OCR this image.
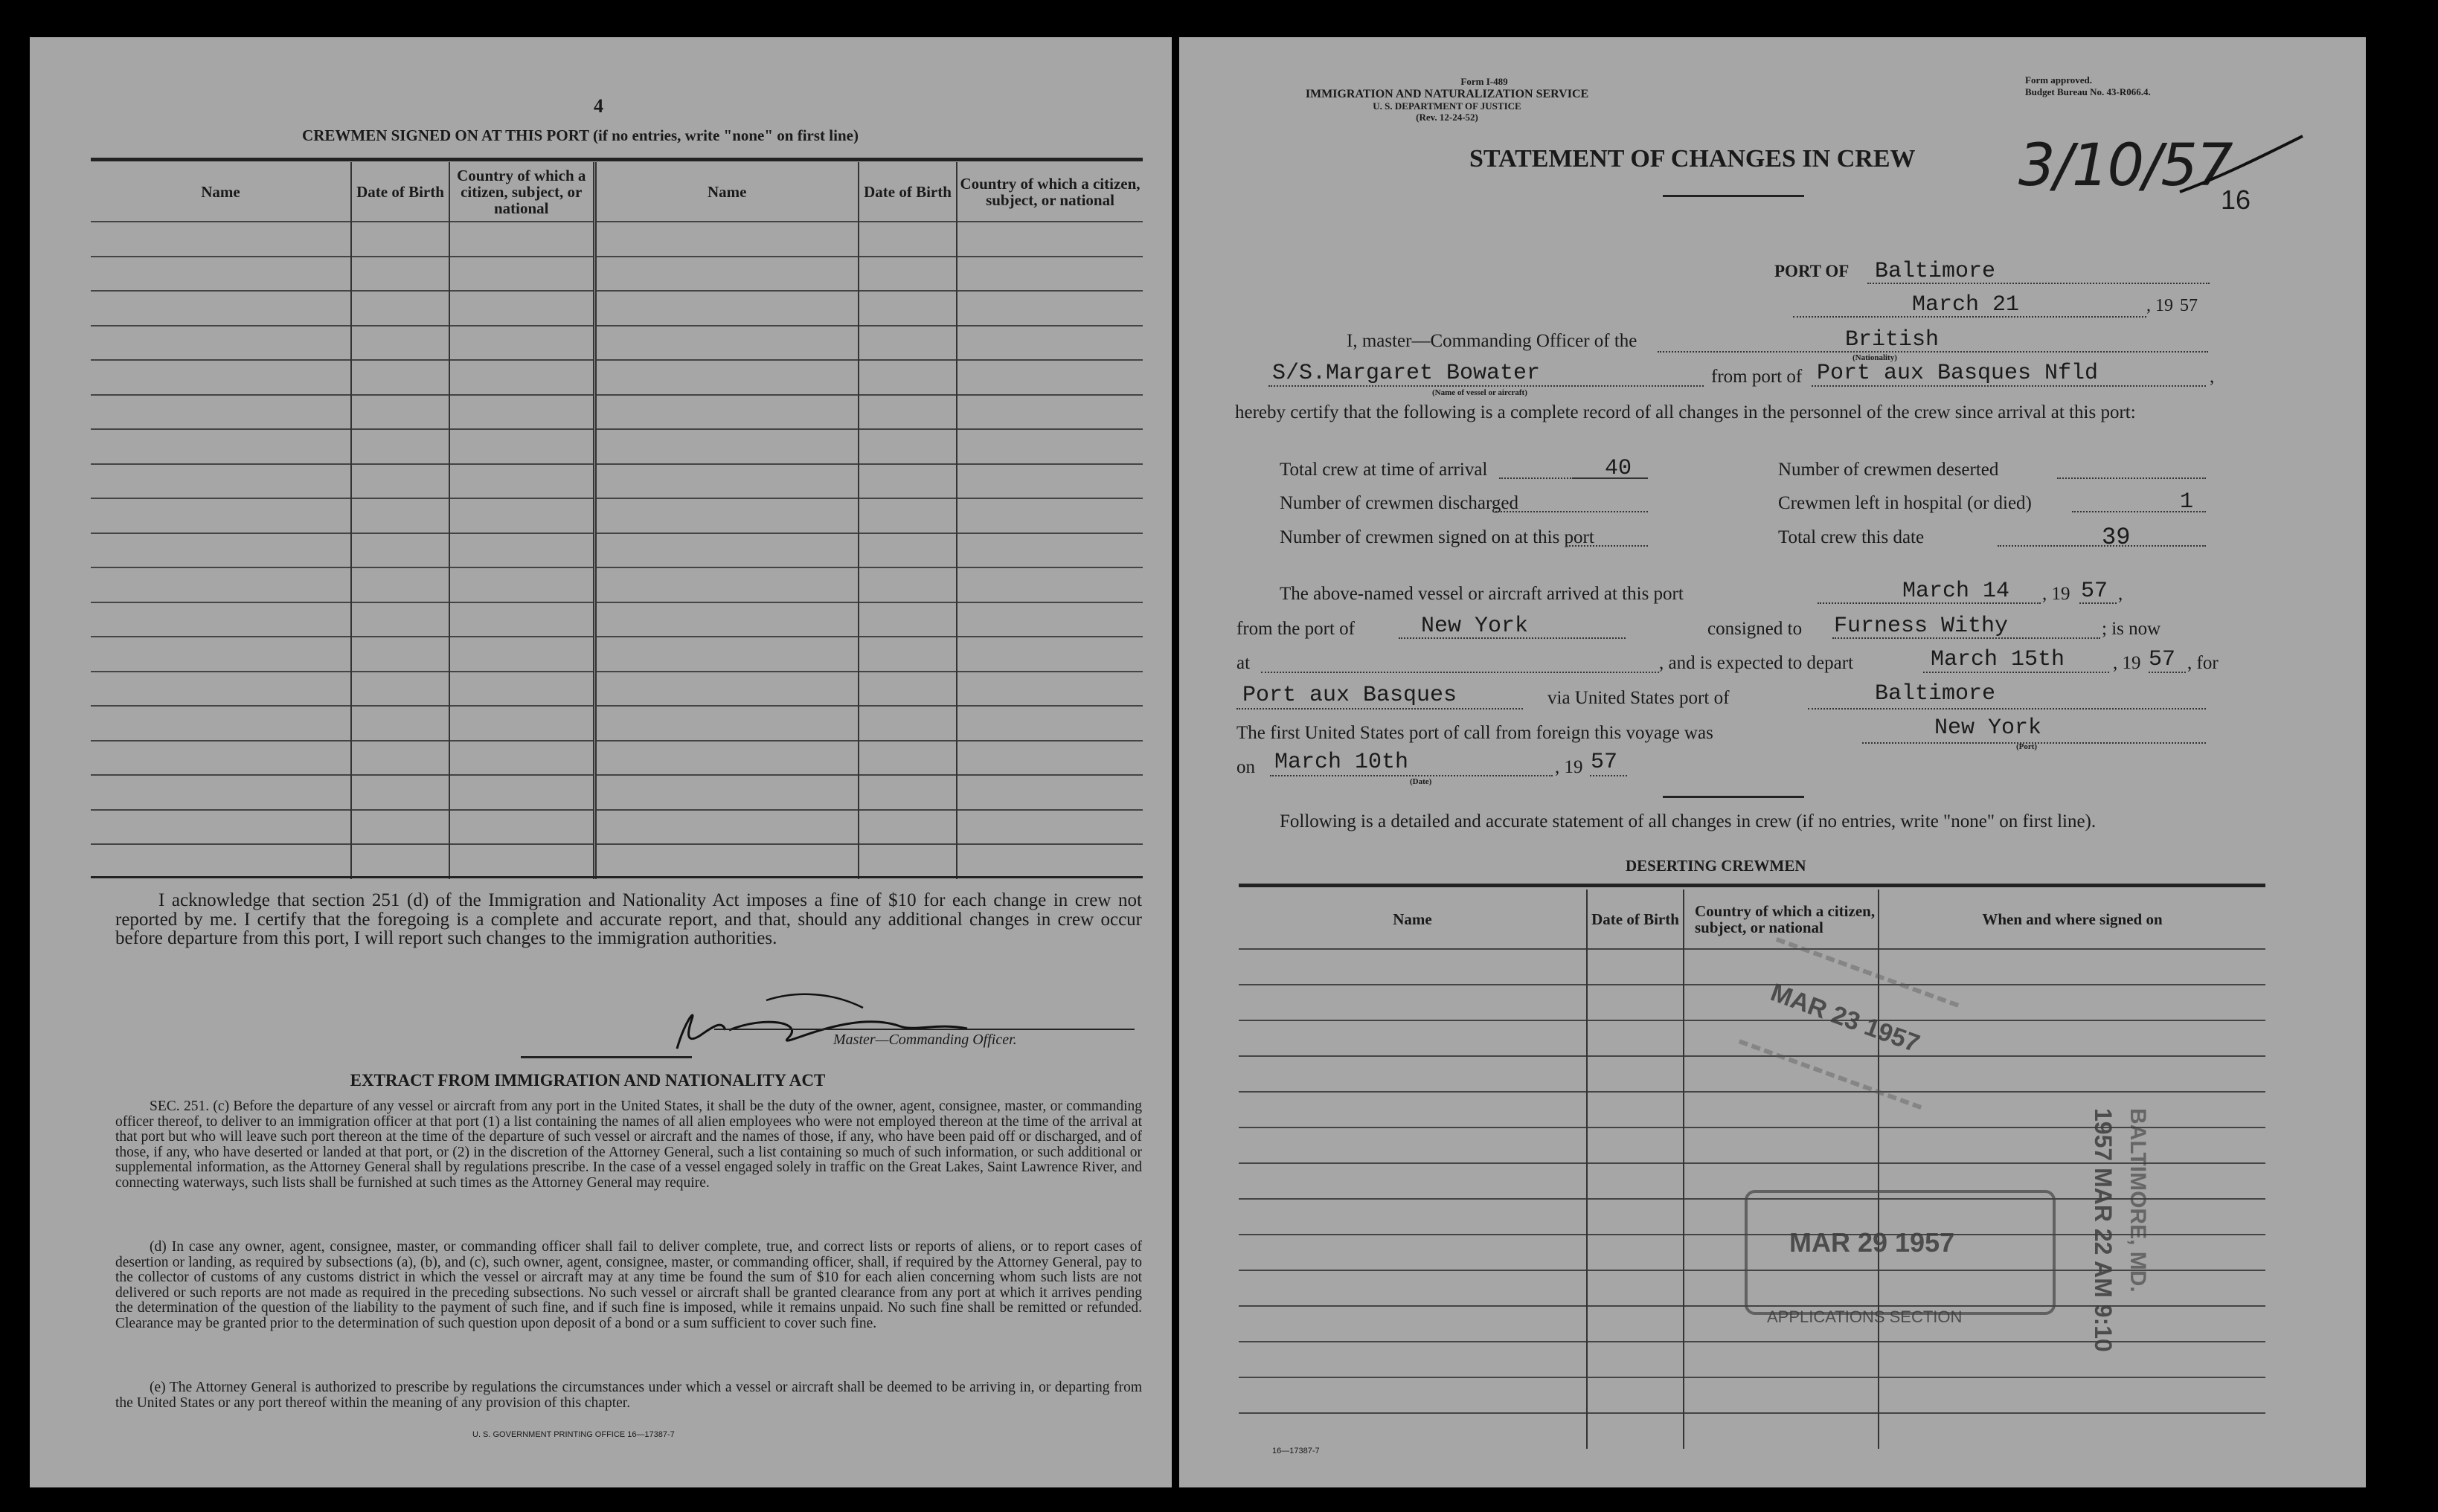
4
CREWMEN SIGNED ON AT THIS PORT (if no entries, write "none" on first line)
Name	Date of Birth	Country of which a citizen, subject, or national	Name	Date of Birth	Country of which a citizen, subject, or national

I acknowledge that section 251 (d) of the Immigration and Nationality Act imposes a fine of $10 for each change in crew not reported by me. I certify that the foregoing is a complete and accurate report, and that, should any additional changes in crew occur before departure from this port, I will report such changes to the immigration authorities.
Master—Commanding Officer.
EXTRACT FROM IMMIGRATION AND NATIONALITY ACT
SEC. 251. (c) Before the departure of any vessel or aircraft from any port in the United States, it shall be the duty of the owner, agent, consignee, master, or commanding officer thereof, to deliver to an immigration officer at that port (1) a list containing the names of all alien employees who were not employed thereon at the time of the arrival at that port but who will leave such port thereon at the time of the departure of such vessel or aircraft and the names of those, if any, who have been paid off or discharged, and of those, if any, who have deserted or landed at that port, or (2) in the discretion of the Attorney General, such a list containing so much of such information, or such additional or supplemental information, as the Attorney General shall by regulations prescribe. In the case of a vessel engaged solely in traffic on the Great Lakes, Saint Lawrence River, and connecting waterways, such lists shall be furnished at such times as the Attorney General may require.
(d) In case any owner, agent, consignee, master, or commanding officer shall fail to deliver complete, true, and correct lists or reports of aliens, or to report cases of desertion or landing, as required by subsections (a), (b), and (c), such owner, agent, consignee, master, or commanding officer, shall, if required by the Attorney General, pay to the collector of customs of any customs district in which the vessel or aircraft may at any time be found the sum of $10 for each alien concerning whom such lists are not delivered or such reports are not made as required in the preceding subsections. No such vessel or aircraft shall be granted clearance from any port at which it arrives pending the determination of the question of the liability to the payment of such fine, and if such fine is imposed, while it remains unpaid. No such fine shall be remitted or refunded. Clearance may be granted prior to the determination of such question upon deposit of a bond or a sum sufficient to cover such fine.
(e) The Attorney General is authorized to prescribe by regulations the circumstances under which a vessel or aircraft shall be deemed to be arriving in, or departing from the United States or any port thereof within the meaning of any provision of this chapter.
U. S. GOVERNMENT PRINTING OFFICE 16—17387-7
Form I-489
IMMIGRATION AND NATURALIZATION SERVICE
U. S. DEPARTMENT OF JUSTICE
(Rev. 12-24-52)
Form approved.
Budget Bureau No. 43-R066.4.
STATEMENT OF CHANGES IN CREW 3/10/57
16
PORT OF Baltimore
March 21	, 19 57
I, master—Commanding Officer of the	British
(Nationality)
S/S.Margaret Bowater
(Name of vessel or aircraft)
from port of Port aux Basques Nfld	,
hereby certify that the following is a complete record of all changes in the personnel of the crew since arrival at this port:
Total crew at time of arrival	40
Number of crewmen discharged
Number of crewmen signed on at this port
Number of crewmen deserted
Crewmen left in hospital (or died)	1
Total crew this date	39
The above-named vessel or aircraft arrived at this port	March 14 , 19 57 ,
from the port of	New York	consigned to Furness Withy	; is now
at	, and is expected to depart	March 15th	, 19 57 , for
Port aux Basques	via United States port of	Baltimore
The first United States port of call from foreign this voyage was	New York
(Port)
on March 10th
(Date)
, 19 57
Following is a detailed and accurate statement of all changes in crew (if no entries, write "none" on first line).
DESERTING CREWMEN
Name	Date of Birth	Country of which a citizen, subject, or national	When and where signed on

16—17387-7
MAR 23 1957
MAR 29 1957
APPLICATIONS SECTION	1957 MAR 22 AM 9:10 BALTIMORE, MD.
